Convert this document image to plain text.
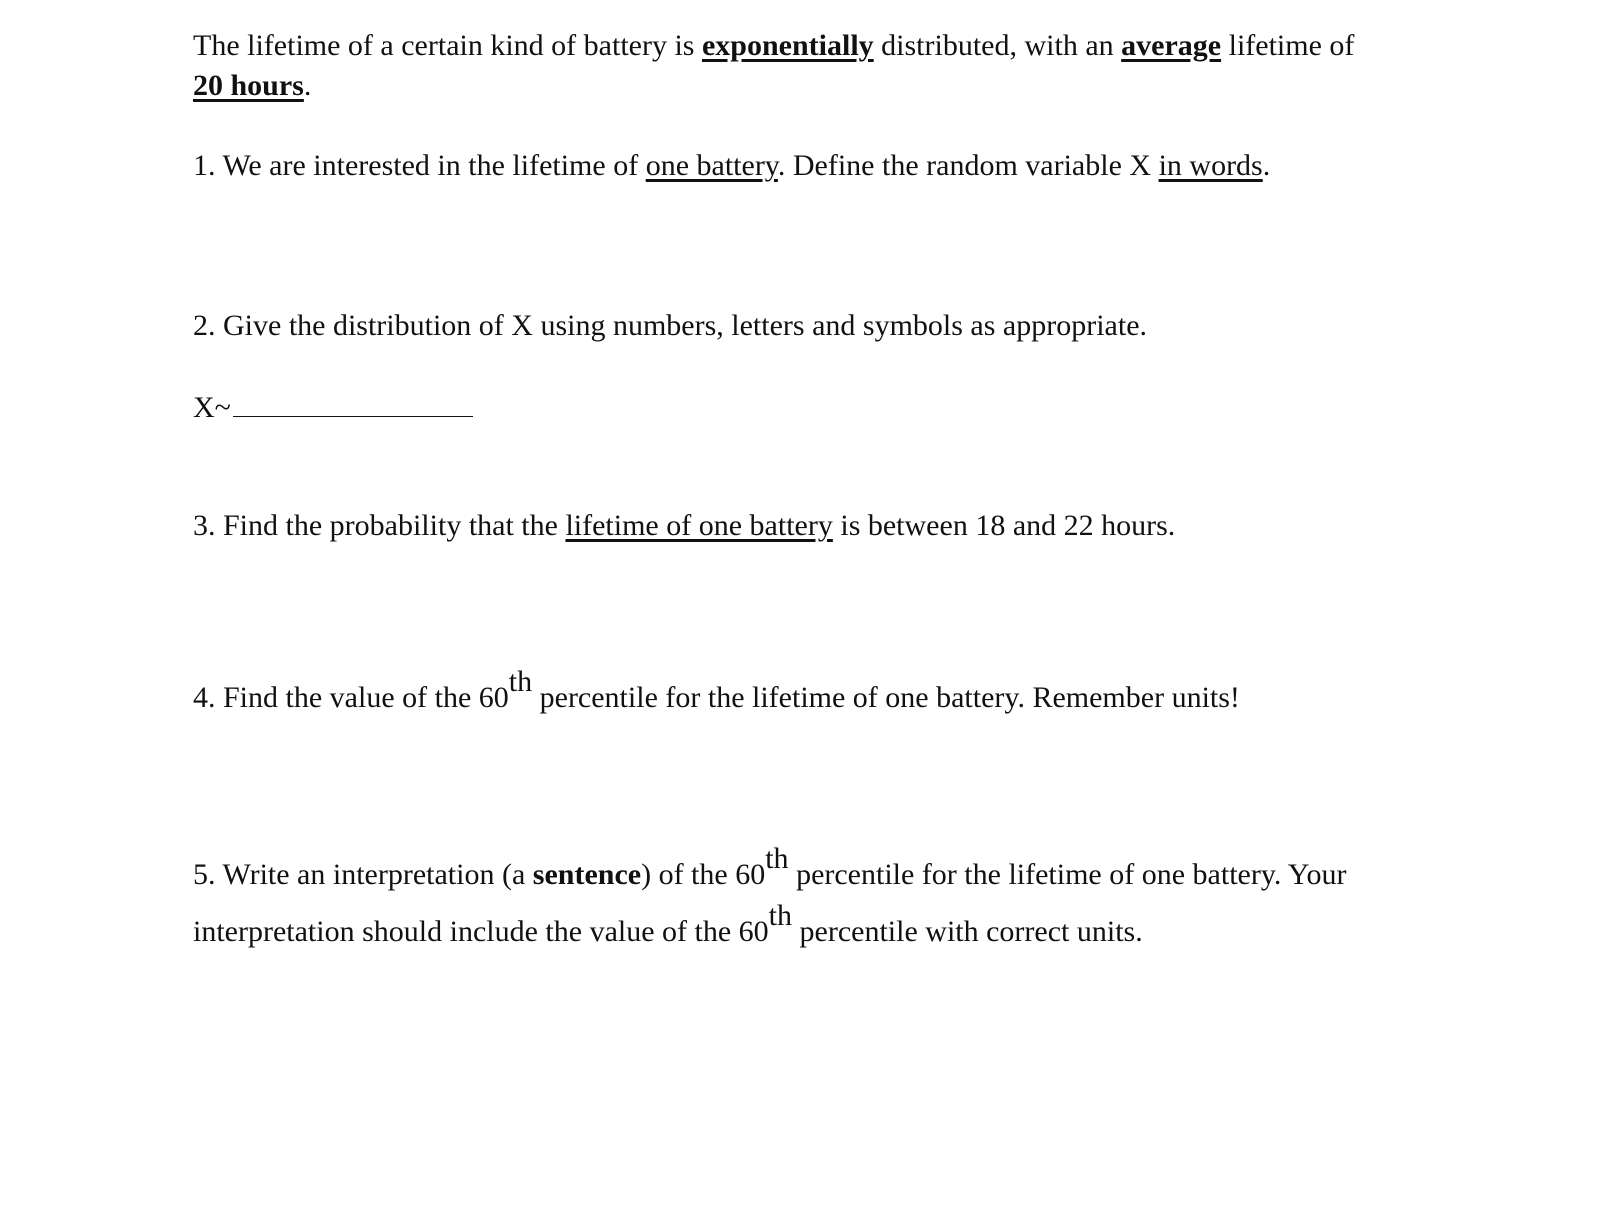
The lifetime of a certain kind of battery is exponentially distributed, with an average lifetime of
20 hours.

1. We are interested in the lifetime of one battery. Define the random variable X in words.

2. Give the distribution of X using numbers, letters and symbols as appropriate.

X~

3. Find the probability that the lifetime of one battery is between 18 and 22 hours.

4. Find the value of the 60th percentile for the lifetime of one battery. Remember units!

5. Write an interpretation (a sentence) of the 60th percentile for the lifetime of one battery. Your

interpretation should include the value of the 60th percentile with correct units.
